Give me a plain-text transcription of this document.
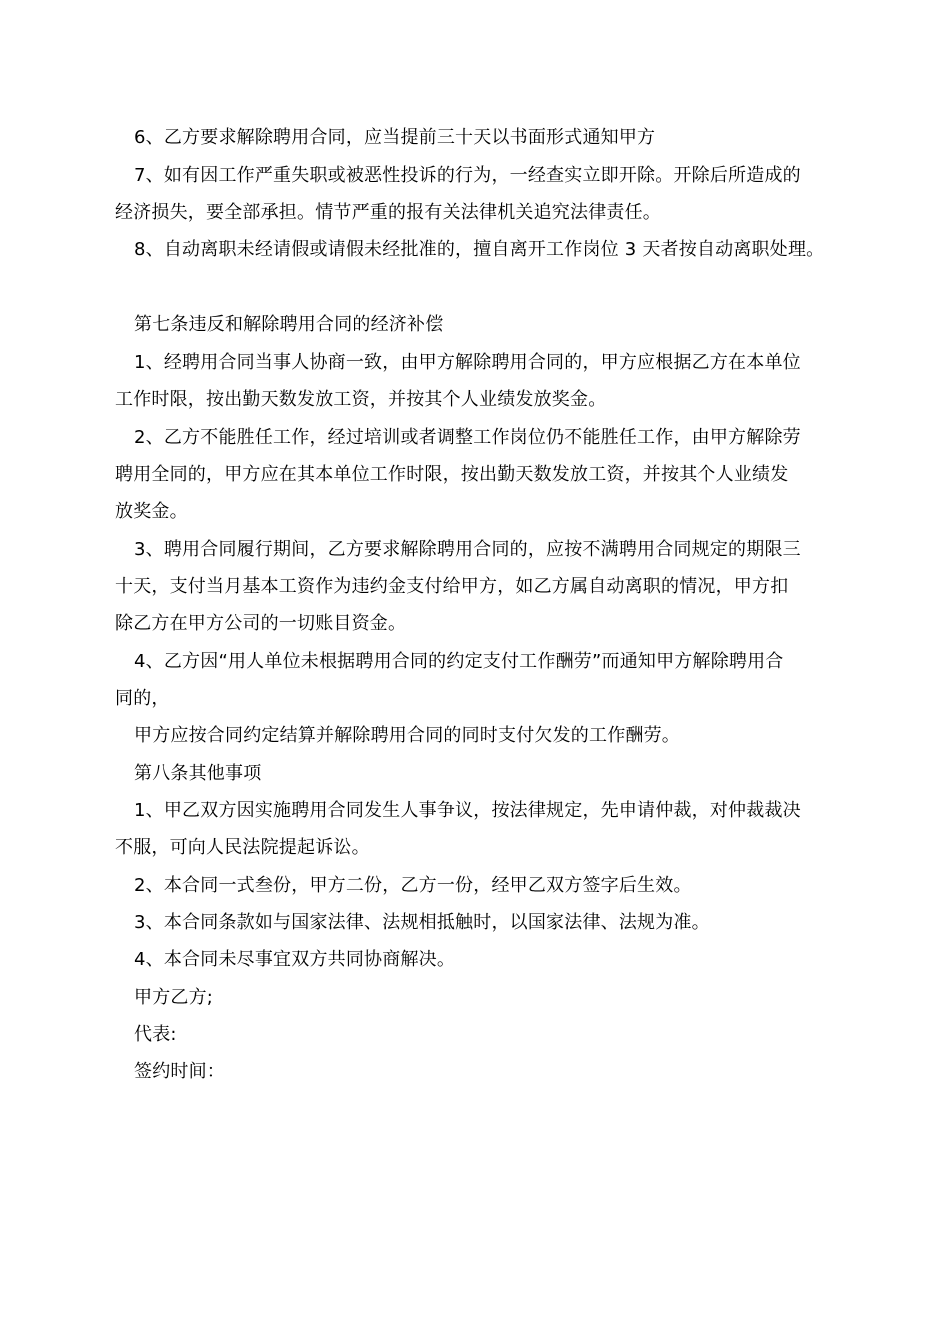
6、乙方要求解除聘用合同，应当提前三十天以书面形式通知甲方
7、如有因工作严重失职或被恶性投诉的行为，一经查实立即开除。开除后所造成的
经济损失，要全部承担。情节严重的报有关法律机关追究法律责任。
8、自动离职未经请假或请假未经批准的，擅自离开工作岗位 3 天者按自动离职处理。
第七条违反和解除聘用合同的经济补偿
1、经聘用合同当事人协商一致，由甲方解除聘用合同的，甲方应根据乙方在本单位
工作时限，按出勤天数发放工资，并按其个人业绩发放奖金。
2、乙方不能胜任工作，经过培训或者调整工作岗位仍不能胜任工作，由甲方解除劳
聘用全同的，甲方应在其本单位工作时限，按出勤天数发放工资，并按其个人业绩发
放奖金。
3、聘用合同履行期间，乙方要求解除聘用合同的，应按不满聘用合同规定的期限三
十天，支付当月基本工资作为违约金支付给甲方，如乙方属自动离职的情况，甲方扣
除乙方在甲方公司的一切账目资金。
4、乙方因“用人单位未根据聘用合同的约定支付工作酬劳”而通知甲方解除聘用合
同的，
甲方应按合同约定结算并解除聘用合同的同时支付欠发的工作酬劳。
第八条其他事项
1、甲乙双方因实施聘用合同发生人事争议，按法律规定，先申请仲裁，对仲裁裁决
不服，可向人民法院提起诉讼。
2、本合同一式叁份，甲方二份，乙方一份，经甲乙双方签字后生效。
3、本合同条款如与国家法律、法规相抵触时，以国家法律、法规为准。
4、本合同未尽事宜双方共同协商解决。
甲方乙方;
代表:
签约时间：
